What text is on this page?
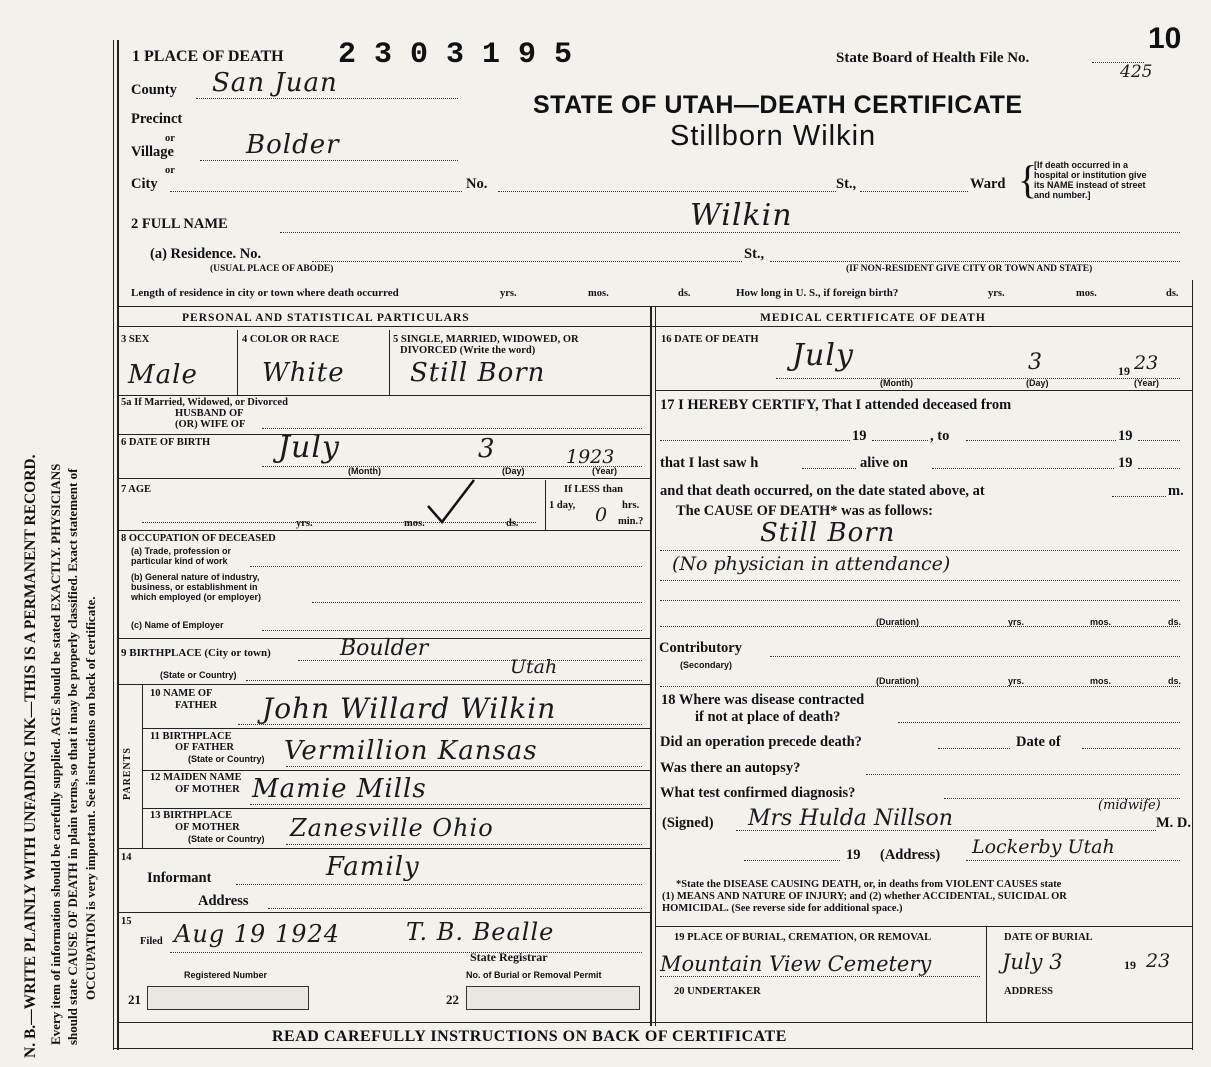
N. B.—WRITE PLAINLY WITH UNFADING INK—THIS IS A PERMANENT RECORD. Every item of information should be carefully supplied. AGE should be stated EXACTLY. PHYSICIANS should state CAUSE OF DEATH in plain terms, so that it may be properly classified. Exact statement of OCCUPATION is very important. See instructions on back of certificate.
1 PLACE OF DEATH 2303195	State Board of Health File No.
10
425
STATE OF UTAH—DEATH CERTIFICATE
Stillborn Wilkin
County San Juan
Precinct
or
Village	Bolder
or
City	No.	St.,	Ward {
[If death occurred in a
hospital or institution give
its NAME instead of street
and number.]
2 FULL NAME	Wilkin
(a) Residence. No.
(USUAL PLACE OF ABODE)
St.,
(IF NON-RESIDENT GIVE CITY OR TOWN AND STATE)
Length of residence in city or town where death occurred	yrs.	mos.	ds.	How long in U. S., if foreign birth?	yrs.	mos.	ds.
PERSONAL AND STATISTICAL PARTICULARS	MEDICAL CERTIFICATE OF DEATH
3 SEX
Male
4 COLOR OR RACE
White
5 SINGLE, MARRIED, WIDOWED, OR
DIVORCED (Write the word)
Still Born
5a If Married, Widowed, or Divorced
HUSBAND OF
(OR) WIFE OF
6 DATE OF BIRTH July	3	1923
(Month)	(Day)	(Year)
7 AGE	If LESS than
1 day,	hrs.
0 min.?
yrs.	mos.	ds.
8 OCCUPATION OF DECEASED
(a) Trade, profession or
particular kind of work
(b) General nature of industry,
business, or establishment in
which employed (or employer)
(c) Name of Employer
9 BIRTHPLACE (City or town)	Boulder
(State or Country)	Utah
PARENTS
10 NAME OF
FATHER John Willard Wilkin
11 BIRTHPLACE
OF FATHER
(State or Country) Vermillion Kansas
12 MAIDEN NAME
OF MOTHER Mamie Mills
13 BIRTHPLACE
OF MOTHER
(State or Country) Zanesville Ohio
14
Informant	Family
Address
15
Filed Aug 19 1924	T. B. Bealle
State Registrar
Registered Number	No. of Burial or Removal Permit
21	22
16 DATE OF DEATH July	3	19 23
(Month)	(Day)	(Year)
17 I HEREBY CERTIFY, That I attended deceased from
19	, to	19
that I last saw h	alive on	19
and that death occurred, on the date stated above, at	m.
The CAUSE OF DEATH* was as follows:
Still Born
(No physician in attendance)
(Duration)	yrs.	mos.	ds.
Contributory
(Secondary)
(Duration)	yrs.	mos.	ds.
18 Where was disease contracted
if not at place of death?
Did an operation precede death?	Date of
Was there an autopsy?
What test confirmed diagnosis?
(Signed) Mrs Hulda Nillson
(midwife)
M. D.
19 (Address) Lockerby Utah
*State the DISEASE CAUSING DEATH, or, in deaths from VIOLENT CAUSES state
(1) MEANS AND NATURE OF INJURY; and (2) whether ACCIDENTAL, SUICIDAL OR
HOMICIDAL. (See reverse side for additional space.)
19 PLACE OF BURIAL, CREMATION, OR REMOVAL	DATE OF BURIAL
Mountain View Cemetery	July 3	19 23
20 UNDERTAKER	ADDRESS
READ CAREFULLY INSTRUCTIONS ON BACK OF CERTIFICATE
